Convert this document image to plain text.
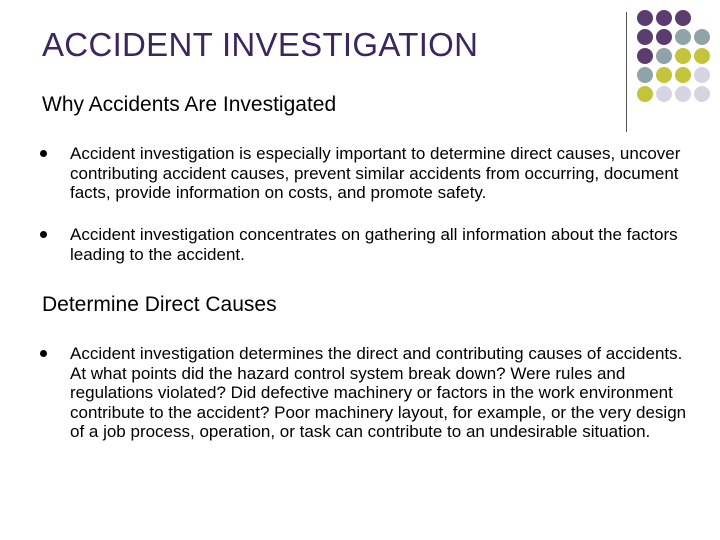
ACCIDENT INVESTIGATION
Why Accidents Are Investigated
Accident investigation is especially important to determine direct causes, uncover contributing accident causes, prevent similar accidents from occurring, document facts, provide information on costs, and promote safety.
Accident investigation concentrates on gathering all information about the factors leading to the accident.
Determine Direct Causes
Accident investigation determines the direct and contributing causes of accidents. At what points did the hazard control system break down? Were rules and regulations violated? Did defective machinery or factors in the work environment contribute to the accident? Poor machinery layout, for example, or the very design of a job process, operation, or task can contribute to an undesirable situation.
